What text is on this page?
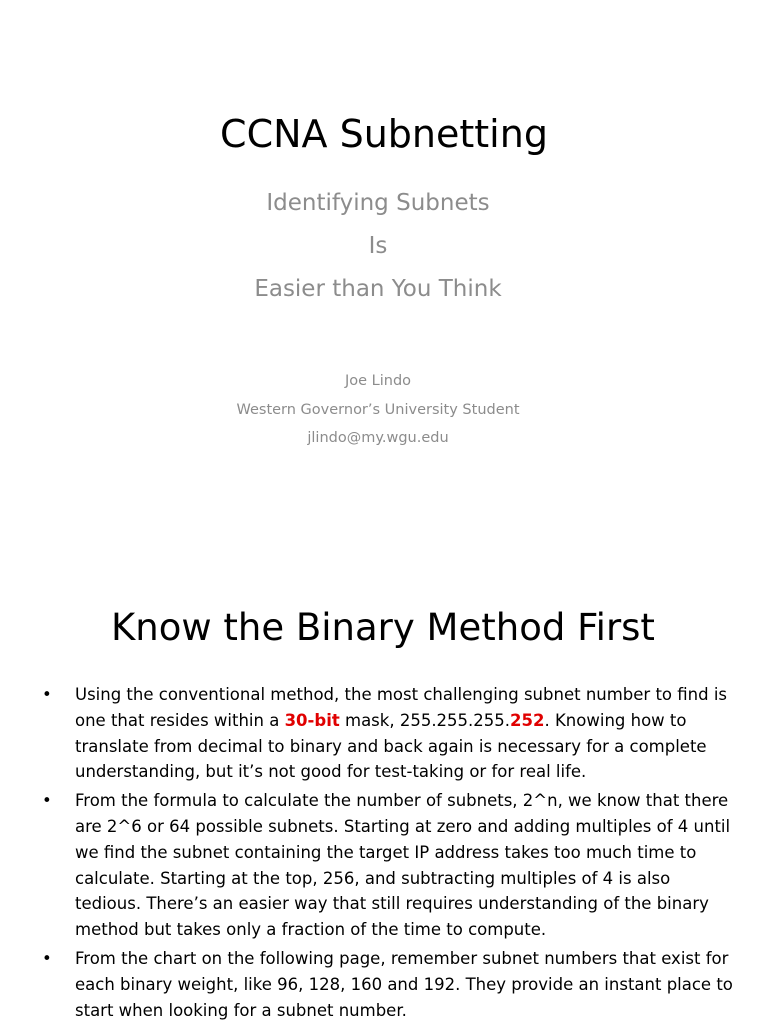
CCNA Subnetting
Identifying Subnets
Is
Easier than You Think
Joe Lindo
Western Governor’s University Student
jlindo@my.wgu.edu
Know the Binary Method First
• Using the conventional method, the most challenging subnet number to find is one that resides within a 30-bit mask, 255.255.255.252. Knowing how to translate from decimal to binary and back again is necessary for a complete understanding, but it’s not good for test-taking or for real life.
• From the formula to calculate the number of subnets, 2^n, we know that there are 2^6 or 64 possible subnets. Starting at zero and adding multiples of 4 until we find the subnet containing the target IP address takes too much time to calculate. Starting at the top, 256, and subtracting multiples of 4 is also tedious. There’s an easier way that still requires understanding of the binary method but takes only a fraction of the time to compute.
• From the chart on the following page, remember subnet numbers that exist for each binary weight, like 96, 128, 160 and 192. They provide an instant place to start when looking for a subnet number.
